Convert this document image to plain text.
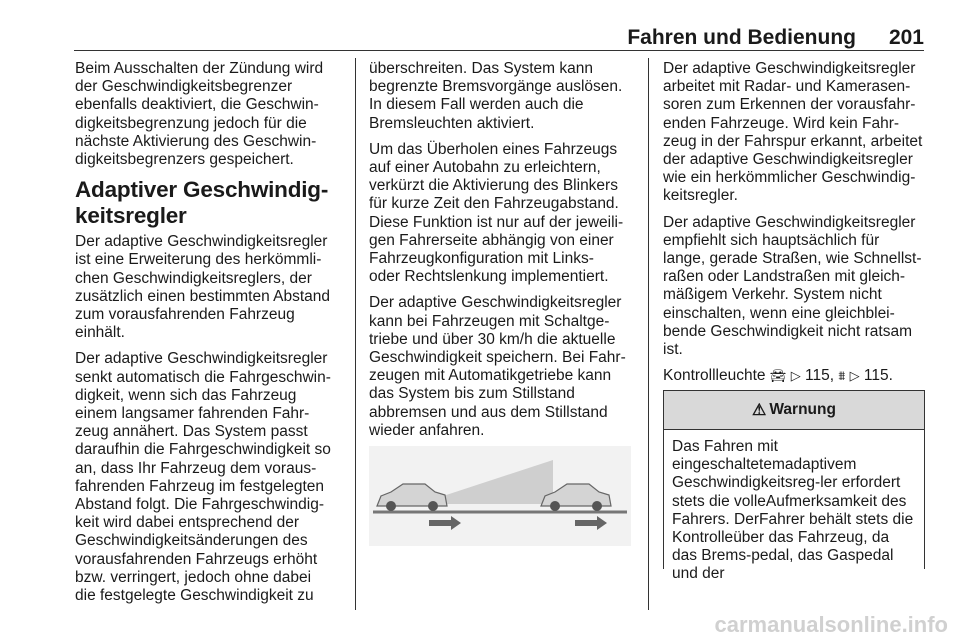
Fahren und Bedienung 201

Beim Ausschalten der Zündung wird
der Geschwindigkeitsbegrenzer
ebenfalls deaktiviert, die Geschwin‐
digkeitsbegrenzung jedoch für die
nächste Aktivierung des Geschwin‐
digkeitsbegrenzers gespeichert.

Adaptiver Geschwindig‐
keitsregler

Der adaptive Geschwindigkeitsregler
ist eine Erweiterung des herkömmli‐
chen Geschwindigkeitsreglers, der
zusätzlich einen bestimmten Abstand
zum vorausfahrenden Fahrzeug
einhält.

Der adaptive Geschwindigkeitsregler
senkt automatisch die Fahrgeschwin‐
digkeit, wenn sich das Fahrzeug
einem langsamer fahrenden Fahr‐
zeug annähert. Das System passt
daraufhin die Fahrgeschwindigkeit so
an, dass Ihr Fahrzeug dem voraus‐
fahrenden Fahrzeug im festgelegten
Abstand folgt. Die Fahrgeschwindig‐
keit wird dabei entsprechend der
Geschwindigkeitsänderungen des
vorausfahrenden Fahrzeugs erhöht
bzw. verringert, jedoch ohne dabei
die festgelegte Geschwindigkeit zu

überschreiten. Das System kann
begrenzte Bremsvorgänge auslösen.
In diesem Fall werden auch die
Bremsleuchten aktiviert.

Um das Überholen eines Fahrzeugs
auf einer Autobahn zu erleichtern,
verkürzt die Aktivierung des Blinkers
für kurze Zeit den Fahrzeugabstand.
Diese Funktion ist nur auf der jeweili‐
gen Fahrerseite abhängig von einer
Fahrzeugkonfiguration mit Links-
oder Rechtslenkung implementiert.

Der adaptive Geschwindigkeitsregler
kann bei Fahrzeugen mit Schaltge‐
triebe und über 30 km/h die aktuelle
Geschwindigkeit speichern. Bei Fahr‐
zeugen mit Automatikgetriebe kann
das System bis zum Stillstand
abbremsen und aus dem Stillstand
wieder anfahren.

Der adaptive Geschwindigkeitsregler
arbeitet mit Radar- und Kamerasen‐
soren zum Erkennen der vorausfahr‐
enden Fahrzeuge. Wird kein Fahr‐
zeug in der Fahrspur erkannt, arbeitet
der adaptive Geschwindigkeitsregler
wie ein herkömmlicher Geschwindig‐
keitsregler.

Der adaptive Geschwindigkeitsregler
empfiehlt sich hauptsächlich für
lange, gerade Straßen, wie Schnellst‐
raßen oder Landstraßen mit gleich‐
mäßigem Verkehr. System nicht
einschalten, wenn eine gleichblei‐
bende Geschwindigkeit nicht ratsam
ist.

Kontrollleuchte 🚘︎ ▷ 115, ⩩ ▷ 115.

⚠︎ Warnung
Das Fahren mit eingeschaltetemadaptivem Geschwindigkeitsreg‐ler erfordert stets die volleAufmerksamkeit des Fahrers. DerFahrer behält stets die Kontrolleüber das Fahrzeug, da das Brems‐pedal, das Gaspedal und der
carmanualsonline.info
